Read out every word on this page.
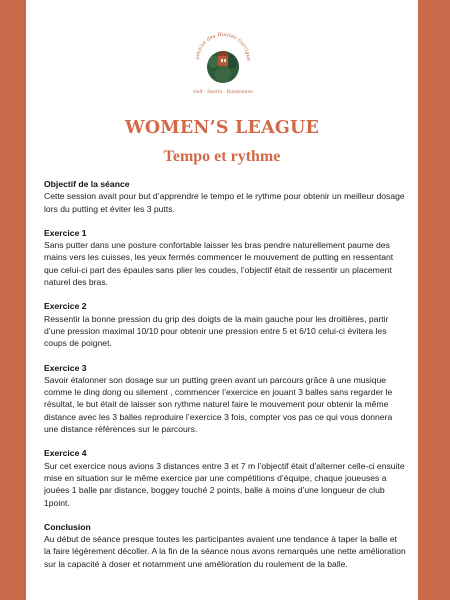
omaine des Hautes Garrigue
Golf · Sports · Randonnée
WOMEN’S LEAGUE
Tempo et rythme
Objectif de la séance

Cette session avait pour but d’apprendre le tempo et le rythme pour obtenir un meilleur dosage lors du putting et éviter les 3 putts.

Exercice 1

Sans putter dans une posture confortable laisser les bras pendre naturellement paume des mains vers les cuisses, les yeux fermés commencer le mouvement de putting en ressentant que celui-ci part des épaules sans plier les coudes, l’objectif était de ressentir un placement naturel des bras.

Exercice 2

Ressentir la bonne pression du grip des doigts de la main gauche pour les droitières, partir d’une pression maximal 10/10 pour obtenir une pression entre 5 et 6/10 celui-ci évitera les coups de poignet.

Exercice 3

Savoir étalonner son dosage sur un putting green avant un parcours grâce à une musique comme le ding dong ou si‌lement , commencer l’exercice en jouant 3 balles sans regarder le résultat, le but était de laisser son rythme naturel faire le mouvement pour obtenir la même distance avec les 3 balles reproduire l’exercice 3 fois, compter vos pas ce qui vous donnera une distance références sur le parcours.

Exercice 4

Sur cet exercice nous avions 3 distances entre 3 et 7 m l’objectif était d’alterner celle-ci ensuite mise en situation sur le même exercice par une compétitions d’équipe, chaque joueuses a jouées 1 balle par distance, boggey touché 2 points, balle à moins d’une longueur de club 1point.

Conclusion

Au début de séance presque toutes les participantes avaient une tendance à taper la balle et la faire légèrement décoller. A la fin de la séance nous avons remarqués une nette amélioration sur la capacité à doser et notamment une amélioration du roulement de la balle.
